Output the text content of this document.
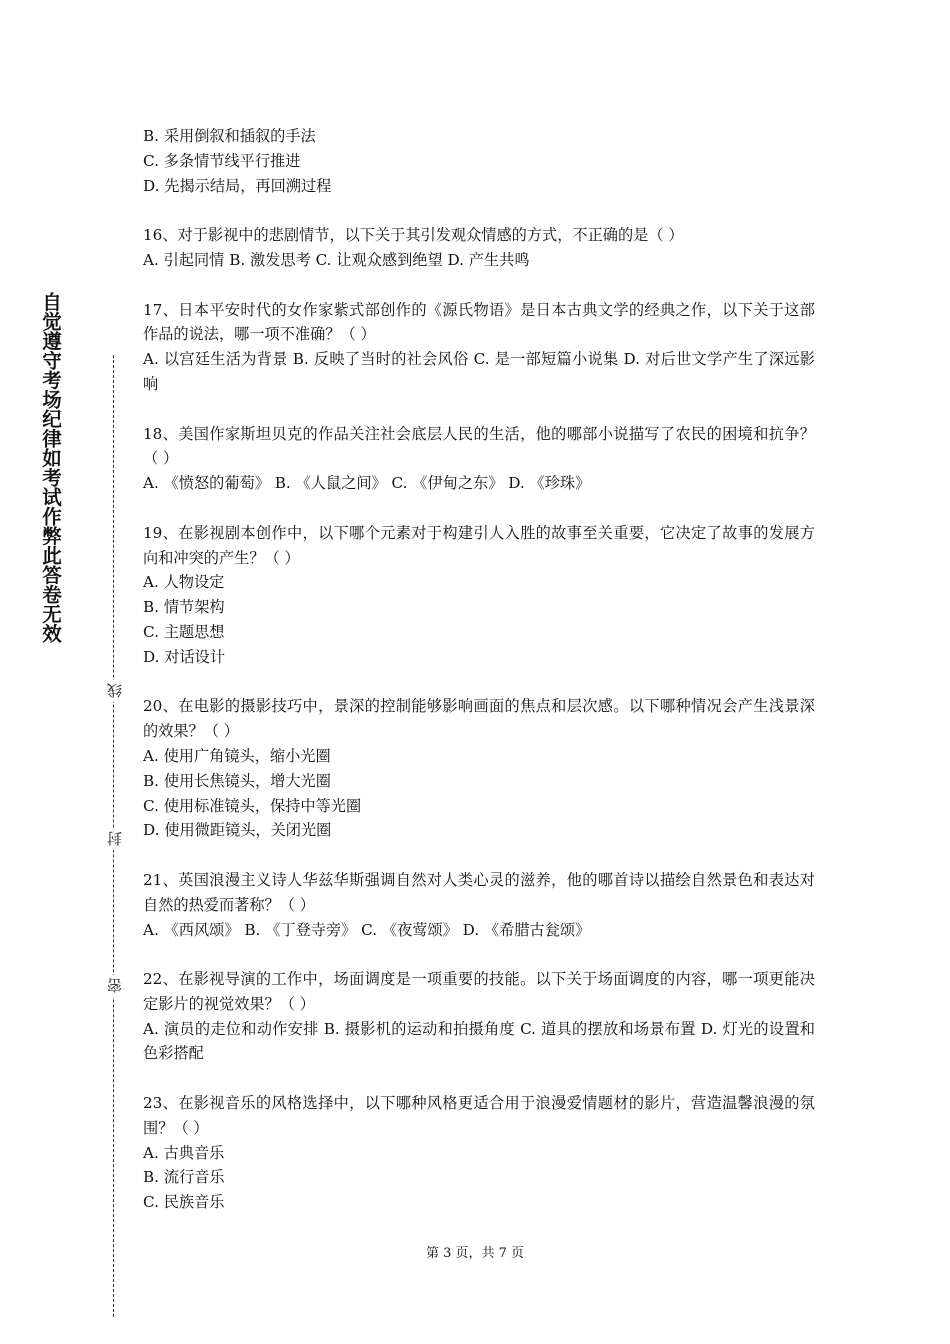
自觉遵守考场纪律如考试作弊此答卷无效
线
封
密
B. 采用倒叙和插叙的手法
C. 多条情节线平行推进
D. 先揭示结局，再回溯过程
16、对于影视中的悲剧情节，以下关于其引发观众情感的方式，不正确的是（ ）
A. 引起同情 B. 激发思考 C. 让观众感到绝望 D. 产生共鸣
17、日本平安时代的女作家紫式部创作的《源氏物语》是日本古典文学的经典之作，以下关于这部作品的说法，哪一项不准确？（ ）
A. 以宫廷生活为背景 B. 反映了当时的社会风俗 C. 是一部短篇小说集 D. 对后世文学产生了深远影响
18、美国作家斯坦贝克的作品关注社会底层人民的生活，他的哪部小说描写了农民的困境和抗争？（ ）
A. 《愤怒的葡萄》 B. 《人鼠之间》 C. 《伊甸之东》 D. 《珍珠》
19、在影视剧本创作中，以下哪个元素对于构建引人入胜的故事至关重要，它决定了故事的发展方向和冲突的产生？（ ）
A. 人物设定
B. 情节架构
C. 主题思想
D. 对话设计
20、在电影的摄影技巧中，景深的控制能够影响画面的焦点和层次感。以下哪种情况会产生浅景深的效果？（ ）
A. 使用广角镜头，缩小光圈
B. 使用长焦镜头，增大光圈
C. 使用标准镜头，保持中等光圈
D. 使用微距镜头，关闭光圈
21、英国浪漫主义诗人华兹华斯强调自然对人类心灵的滋养，他的哪首诗以描绘自然景色和表达对自然的热爱而著称？（ ）
A. 《西风颂》 B. 《丁登寺旁》 C. 《夜莺颂》 D. 《希腊古瓮颂》
22、在影视导演的工作中，场面调度是一项重要的技能。以下关于场面调度的内容，哪一项更能决定影片的视觉效果？（ ）
A. 演员的走位和动作安排 B. 摄影机的运动和拍摄角度 C. 道具的摆放和场景布置 D. 灯光的设置和色彩搭配
23、在影视音乐的风格选择中，以下哪种风格更适合用于浪漫爱情题材的影片，营造温馨浪漫的氛围？（ ）
A. 古典音乐
B. 流行音乐
C. 民族音乐
第 3 页，共 7 页
